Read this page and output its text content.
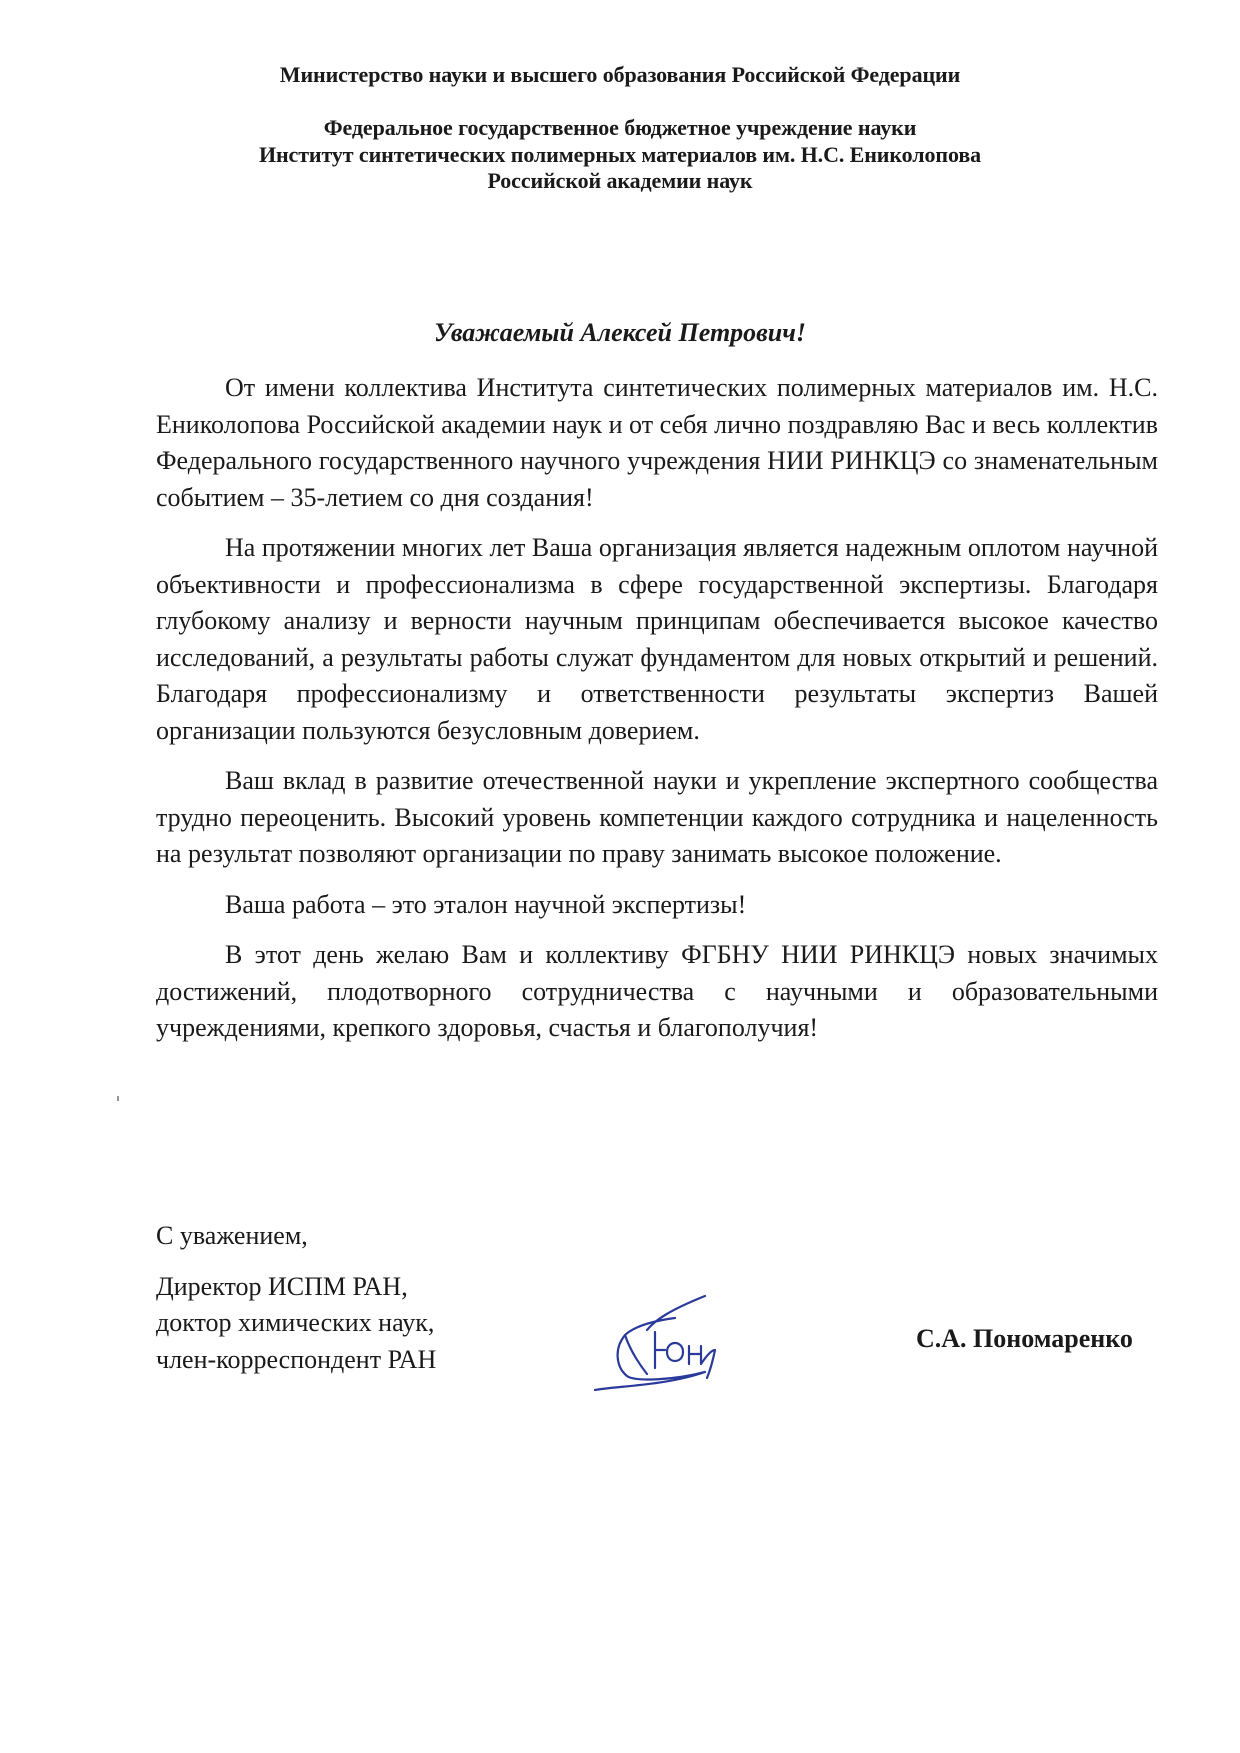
Министерство науки и высшего образования Российской Федерации
Федеральное государственное бюджетное учреждение науки
Институт синтетических полимерных материалов им. Н.С. Ениколопова
Российской академии наук
Уважаемый Алексей Петрович!

От имени коллектива Института синтетических полимерных материалов им. Н.С. Ениколопова Российской академии наук и от себя лично поздравляю Вас и весь коллектив Федерального государственного научного учреждения НИИ РИНКЦЭ со знаменательным событием – 35-летием со дня создания!

На протяжении многих лет Ваша организация является надежным оплотом научной объективности и профессионализма в сфере государственной экспертизы. Благодаря глубокому анализу и верности научным принципам обеспечивается высокое качество исследований, а результаты работы служат фундаментом для новых открытий и решений. Благодаря профессионализму и ответственности результаты экспертиз Вашей организации пользуются безусловным доверием.

Ваш вклад в развитие отечественной науки и укрепление экспертного сообщества трудно переоценить. Высокий уровень компетенции каждого сотрудника и нацеленность на результат позволяют организации по праву занимать высокое положение.

Ваша работа – это эталон научной экспертизы!

В этот день желаю Вам и коллективу ФГБНУ НИИ РИНКЦЭ новых значимых достижений, плодотворного сотрудничества с научными и образовательными учреждениями, крепкого здоровья, счастья и благополучия!

С уважением,
Директор ИСПМ РАН,
доктор химических наук,
член-корреспондент РАН
С.А. Пономаренко
